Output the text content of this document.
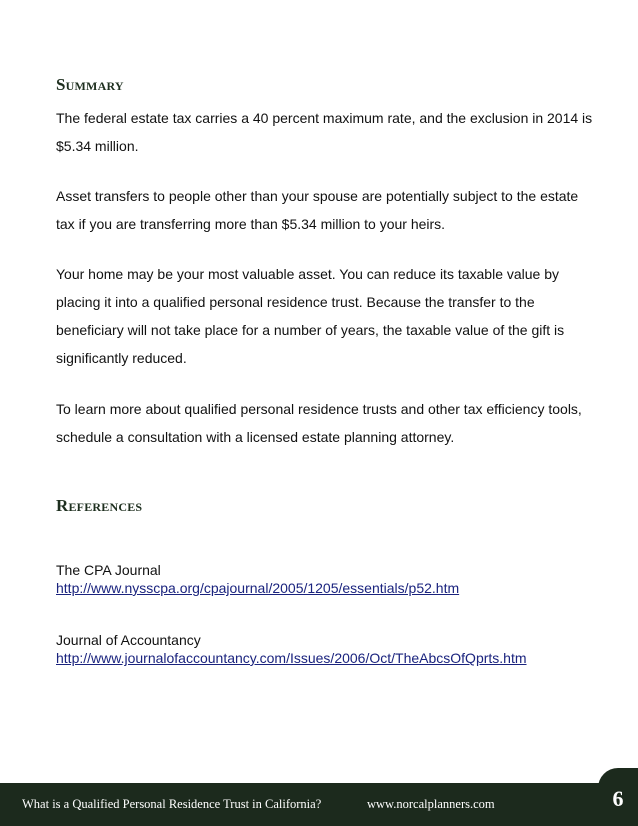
Summary

The federal estate tax carries a 40 percent maximum rate, and the exclusion in 2014 is $5.34 million.

Asset transfers to people other than your spouse are potentially subject to the estate tax if you are transferring more than $5.34 million to your heirs.

Your home may be your most valuable asset. You can reduce its taxable value by placing it into a qualified personal residence trust. Because the transfer to the beneficiary will not take place for a number of years, the taxable value of the gift is significantly reduced.

To learn more about qualified personal residence trusts and other tax efficiency tools, schedule a consultation with a licensed estate planning attorney.

References
The CPA Journal
http://www.nysscpa.org/cpajournal/2005/1205/essentials/p52.htm
Journal of Accountancy
http://www.journalofaccountancy.com/Issues/2006/Oct/TheAbcsOfQprts.htm
What is a Qualified Personal Residence Trust in California?	www.norcalplanners.com	6
